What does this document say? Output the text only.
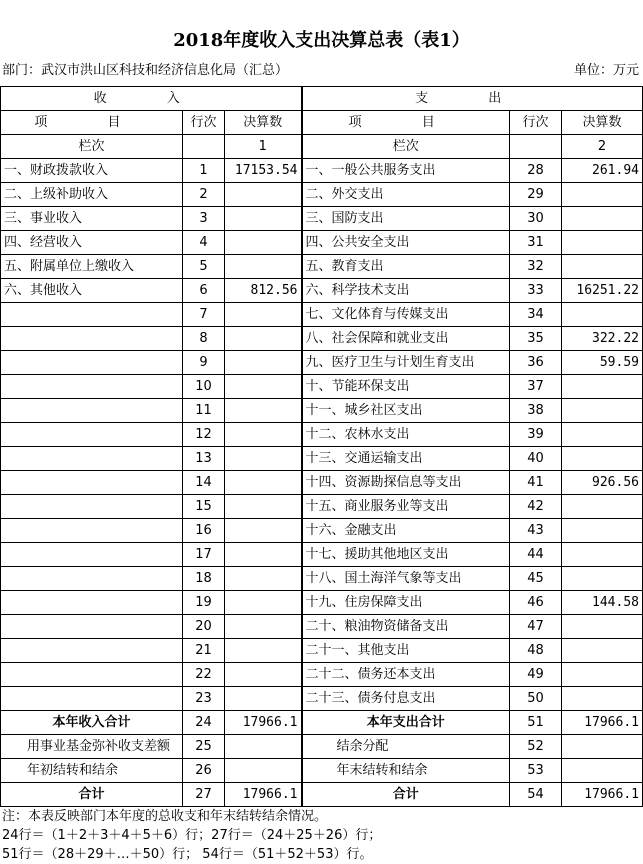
2018年度收入支出决算总表（表1）
部门：武汉市洪山区科技和经济信息化局（汇总）	单位：万元
收 入			支 出		
项 目	行次	决算数	项 目	行次	决算数
栏次		1	栏次		2
一、财政拨款收入	1	17153.54	一、一般公共服务支出	28	261.94
二、上级补助收入	2		二、外交支出	29	
三、事业收入	3		三、国防支出	30	
四、经营收入	4		四、公共安全支出	31	
五、附属单位上缴收入	5		五、教育支出	32	
六、其他收入	6	812.56	六、科学技术支出	33	16251.22
	7		七、文化体育与传媒支出	34	
	8		八、社会保障和就业支出	35	322.22
	9		九、医疗卫生与计划生育支出	36	59.59
	10		十、节能环保支出	37	
	11		十一、城乡社区支出	38	
	12		十二、农林水支出	39	
	13		十三、交通运输支出	40	
	14		十四、资源勘探信息等支出	41	926.56
	15		十五、商业服务业等支出	42	
	16		十六、金融支出	43	
	17		十七、援助其他地区支出	44	
	18		十八、国土海洋气象等支出	45	
	19		十九、住房保障支出	46	144.58
	20		二十、粮油物资储备支出	47	
	21		二十一、其他支出	48	
	22		二十二、债务还本支出	49	
	23		二十三、债务付息支出	50	
本年收入合计	24	17966.1	本年支出合计	51	17966.1
用事业基金弥补收支差额	25		结余分配	52	
年初结转和结余	26		年末结转和结余	53	
合计	27	17966.1	合计	54	17966.1
注：本表反映部门本年度的总收支和年末结转结余情况。
24行＝（1＋2＋3＋4＋5＋6）行；27行＝（24＋25＋26）行；
51行＝（28＋29＋…＋50）行； 54行＝（51＋52＋53）行。
